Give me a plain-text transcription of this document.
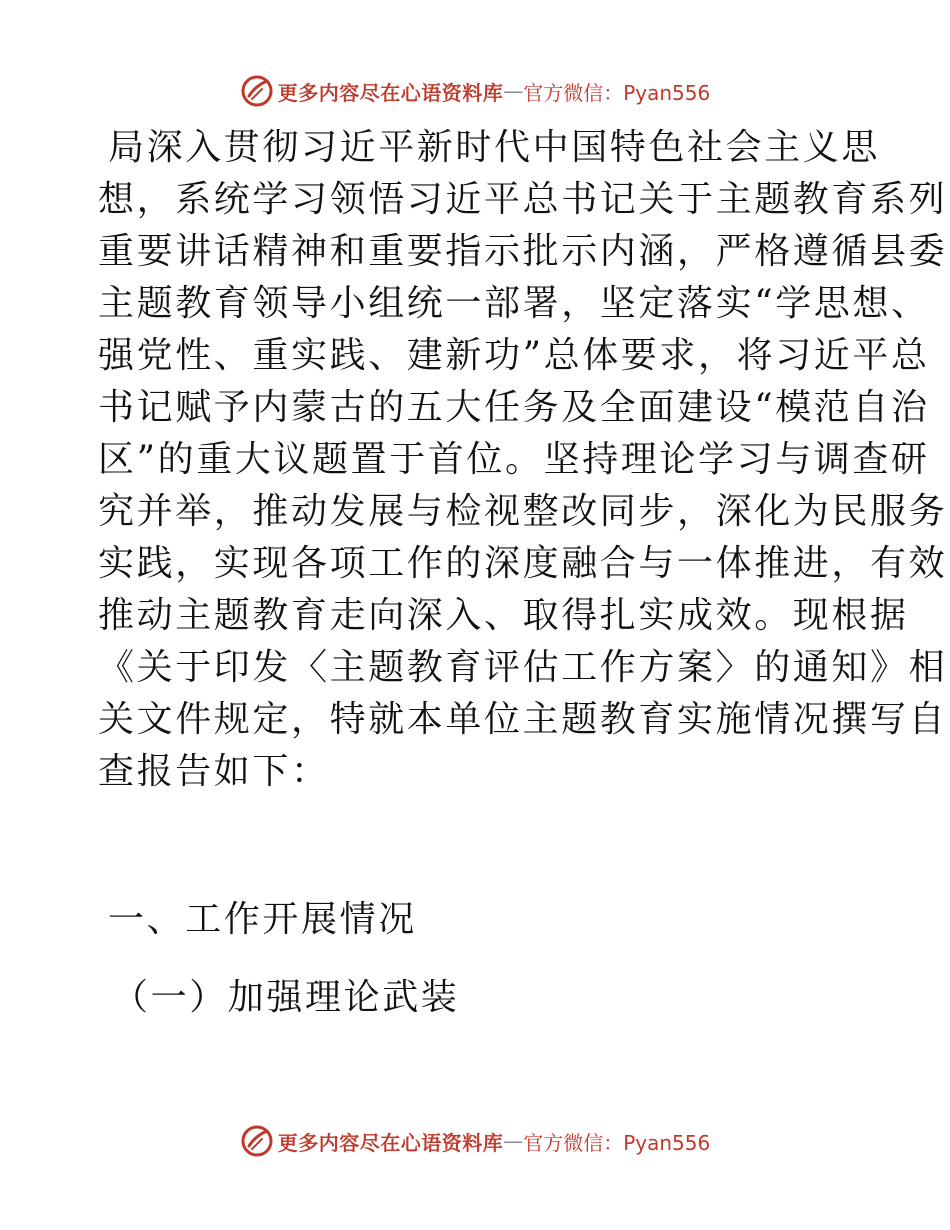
更多内容尽在心语资料库 — 官方微信：Pyan556
局深入贯彻习近平新时代中国特色社会主义思
想，系统学习领悟习近平总书记关于主题教育系列
重要讲话精神和重要指示批示内涵，严格遵循县委
主题教育领导小组统一部署，坚定落实“学思想、
强党性、重实践、建新功”总体要求，将习近平总
书记赋予内蒙古的五大任务及全面建设“模范自治
区”的重大议题置于首位。坚持理论学习与调查研
究并举，推动发展与检视整改同步，深化为民服务
实践，实现各项工作的深度融合与一体推进，有效
推动主题教育走向深入、取得扎实成效。现根据
《关于印发〈主题教育评估工作方案〉的通知》相
关文件规定，特就本单位主题教育实施情况撰写自
查报告如下：
一、工作开展情况
（一）加强理论武装
更多内容尽在心语资料库 — 官方微信：Pyan556
